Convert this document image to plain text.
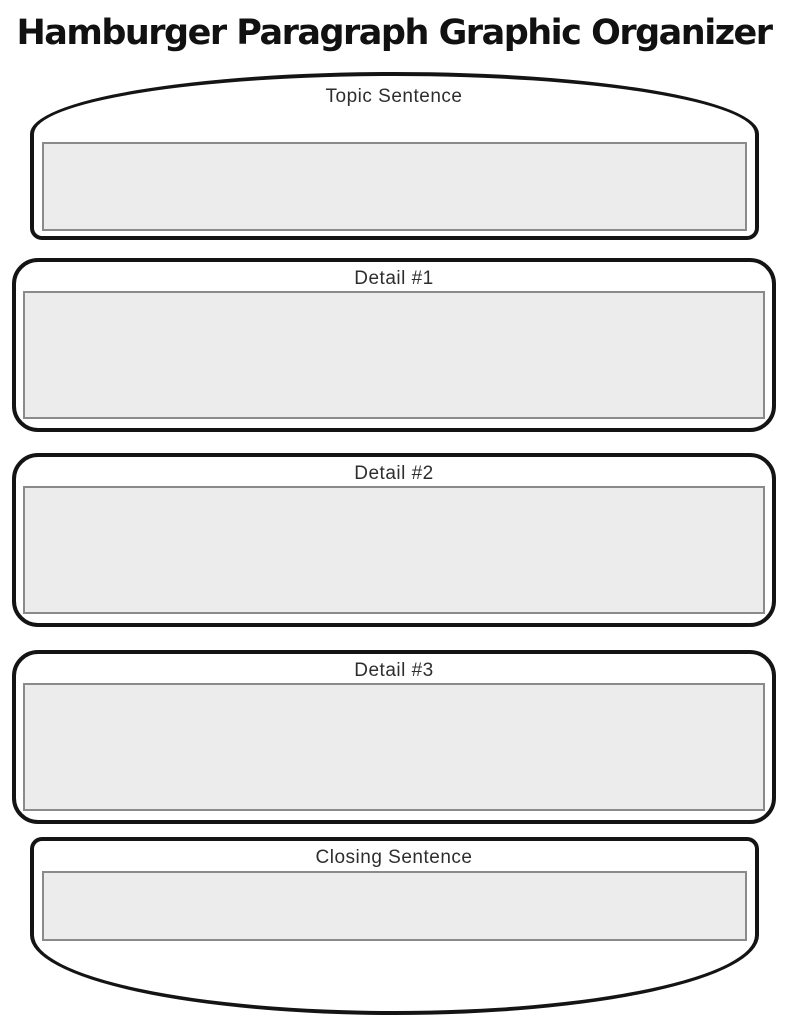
Hamburger Paragraph Graphic Organizer
Topic Sentence
Detail #1
Detail #2
Detail #3
Closing Sentence
